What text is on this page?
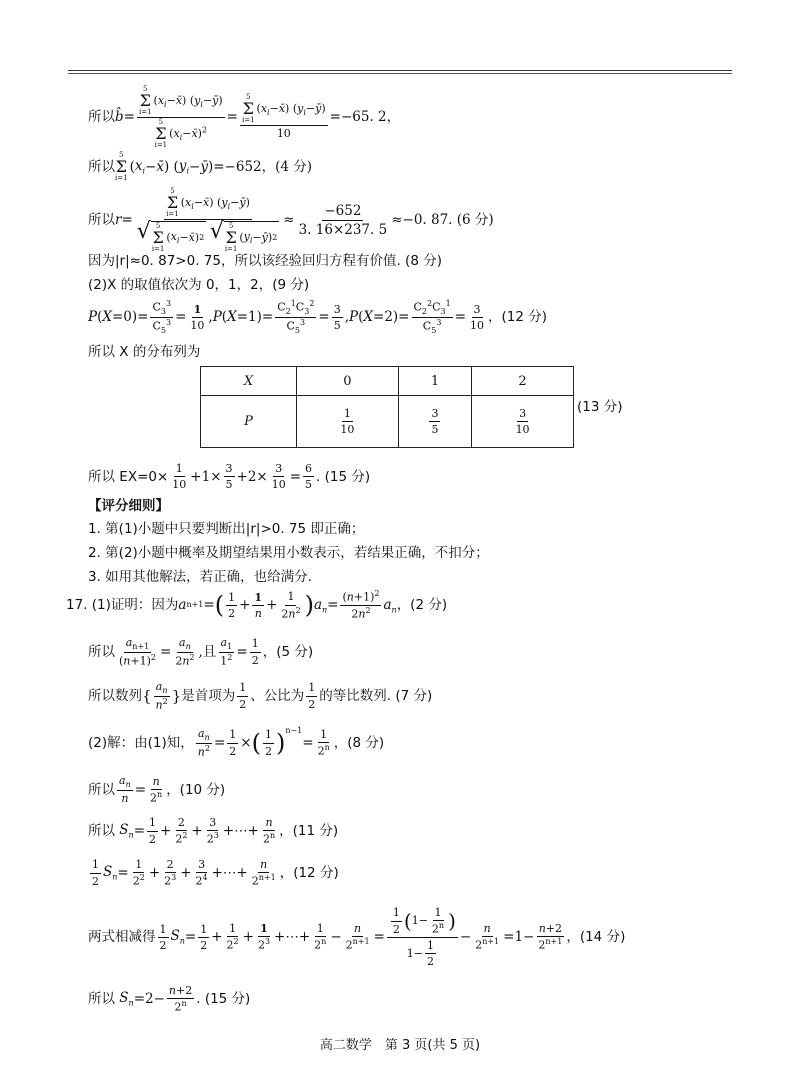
所以 b̂ = 5
Σ
i=1
$(x_i-x̄)$ $(y_i-ȳ)$
5
Σ
i=1
$(x_i-x̄)^2 = 5$
Σ
i=1
$(x_i-x̄)$ $(y_i-ȳ)$
10 =−65. 2，
所以
5
Σ
i=1
( $x_i$ − x̄ ) ( $y_i$ − ȳ ) =−652，(4 分)
所以 r = 5
Σ
i=1
$(x_i-x̄)$ $(y_i-ȳ)$
√ 5
Σ
i=1
( $x_i$ − x̄ ) 2
√ 5
Σ
i=1
( $y_i$ − ȳ ) $2 \approx \frac{-652}{3. 16\times 237. 5} \approx-0$. 87. (6 分)
因为|r|≈0. 87>0. 75，所以该经验回归方程有价值. (8 分)
(2)X 的取值依次为 0，1，2，(9 分)
P ( $X =0)= \frac{C_3^3}{C_5^3} = \frac{1}{10}$ , P ( $X =1)= \frac{C_2^1C_3^2}{C_5^3} = \frac{3}{5}$ , P ( $X =2)= \frac{C_2^2C_3^1}{C_5^3} = \frac{3}{10}$ ，(12 分)
所以 X 的分布列为
X	0	1	2
P	$\frac{1}{10}$	$\frac{3}{5}$	$\frac{3}{10}$
(13 分)
所以 $EX=0\times \frac{1}{10} +1\times \frac{3}{5} +2\times \frac{3}{10} = \frac{6}{5}$ . (15 分)
【评分细则】
1. 第(1)小题中只要判断出|r|>0. 75 即正确；
2. 第(2)小题中概率及期望结果用小数表示，若结果正确，不扣分；
3. 如用其他解法，若正确，也给满分.
17. (1)证明：因为 a n+1 = ( $\frac{1}{2} + \frac{1}{n} + \frac{1}{2n^2}$ ) $a_n = \frac{(n+1)^2}{2n^2} a_n$ ，(2 分)
所以 $\frac{a_{n+1}}{(n+1)^2} = \frac{a_n}{2n^2}$ , 且 $\frac{a_1}{1^2} = \frac{1}{2}$ ，(5 分)
所以数列 { $\frac{a_n}{n^2}$ } 是首项为 $\frac{1}{2}$ 、公比为 $\frac{1}{2}$ 的等比数列. (7 分)
(2)解：由(1)知， $\frac{a_n}{n^2} = \frac{1}{2}$ × ( $\frac{1}{2} )^{n-1}$
= $\frac{1}{2^n}$ ，(8 分)
所以 $\frac{a_n}{n} = \frac{n}{2^n}$ ，(10 分)
所以
$S_n = \frac{1}{2} + \frac{2}{2^2} + \frac{3}{2^3}$ +⋯+ $\frac{n}{2^n}$ ，(11 分)
$\frac{1}{2} S_n = \frac{1}{2^2} + \frac{2}{2^3} + \frac{3}{2^4}$ +⋯+ $\frac{n}{2^{n+1}}$ ，(12 分)
两式相减得 $\frac{1}{2} S_n = \frac{1}{2} + \frac{1}{2^2} + \frac{1}{2^3}$ +⋯+ $\frac{1}{2^n} - \frac{n}{2^{n+1}} = \frac{\frac{1}{2} ( 1- \frac{1}{2^n} )}{1- \frac{1}{2}} - \frac{n}{2^{n+1}} =1- \frac{n+2}{2^{n+1}}$ ，(14 分)
所以
$S_n =2- \frac{n+2}{2^n}$ . (15 分)
高二数学　第 3 页(共 5 页)
